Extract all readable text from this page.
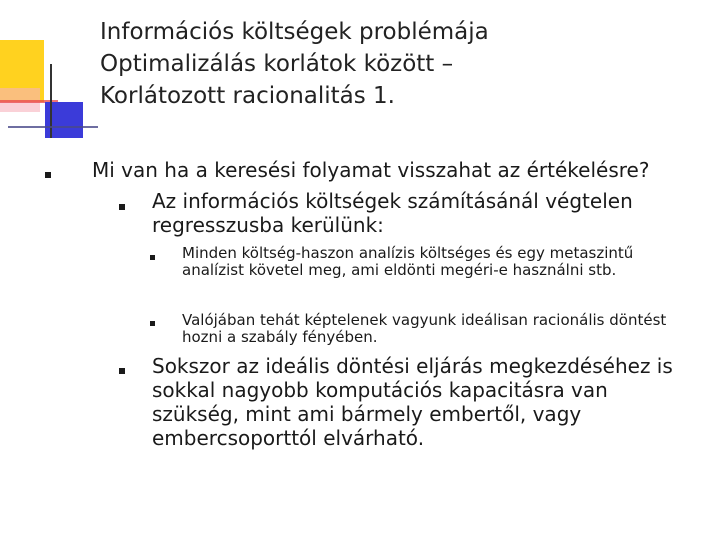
Információs költségek problémája
Optimalizálás korlátok között –
Korlátozott racionalitás 1.
Mi van ha a keresési folyamat visszahat az értékelésre?
Az információs költségek számításánál végtelen regresszusba kerülünk:
Minden költség-haszon analízis költséges és egy metaszintű analízist követel meg, ami eldönti megéri-e használni stb.
Valójában tehát képtelenek vagyunk ideálisan racionális döntést hozni a szabály fényében.
Sokszor az ideális döntési eljárás megkezdéséhez is sokkal nagyobb komputációs kapacitásra van szükség, mint ami bármely embertől, vagy embercsoporttól elvárható.
